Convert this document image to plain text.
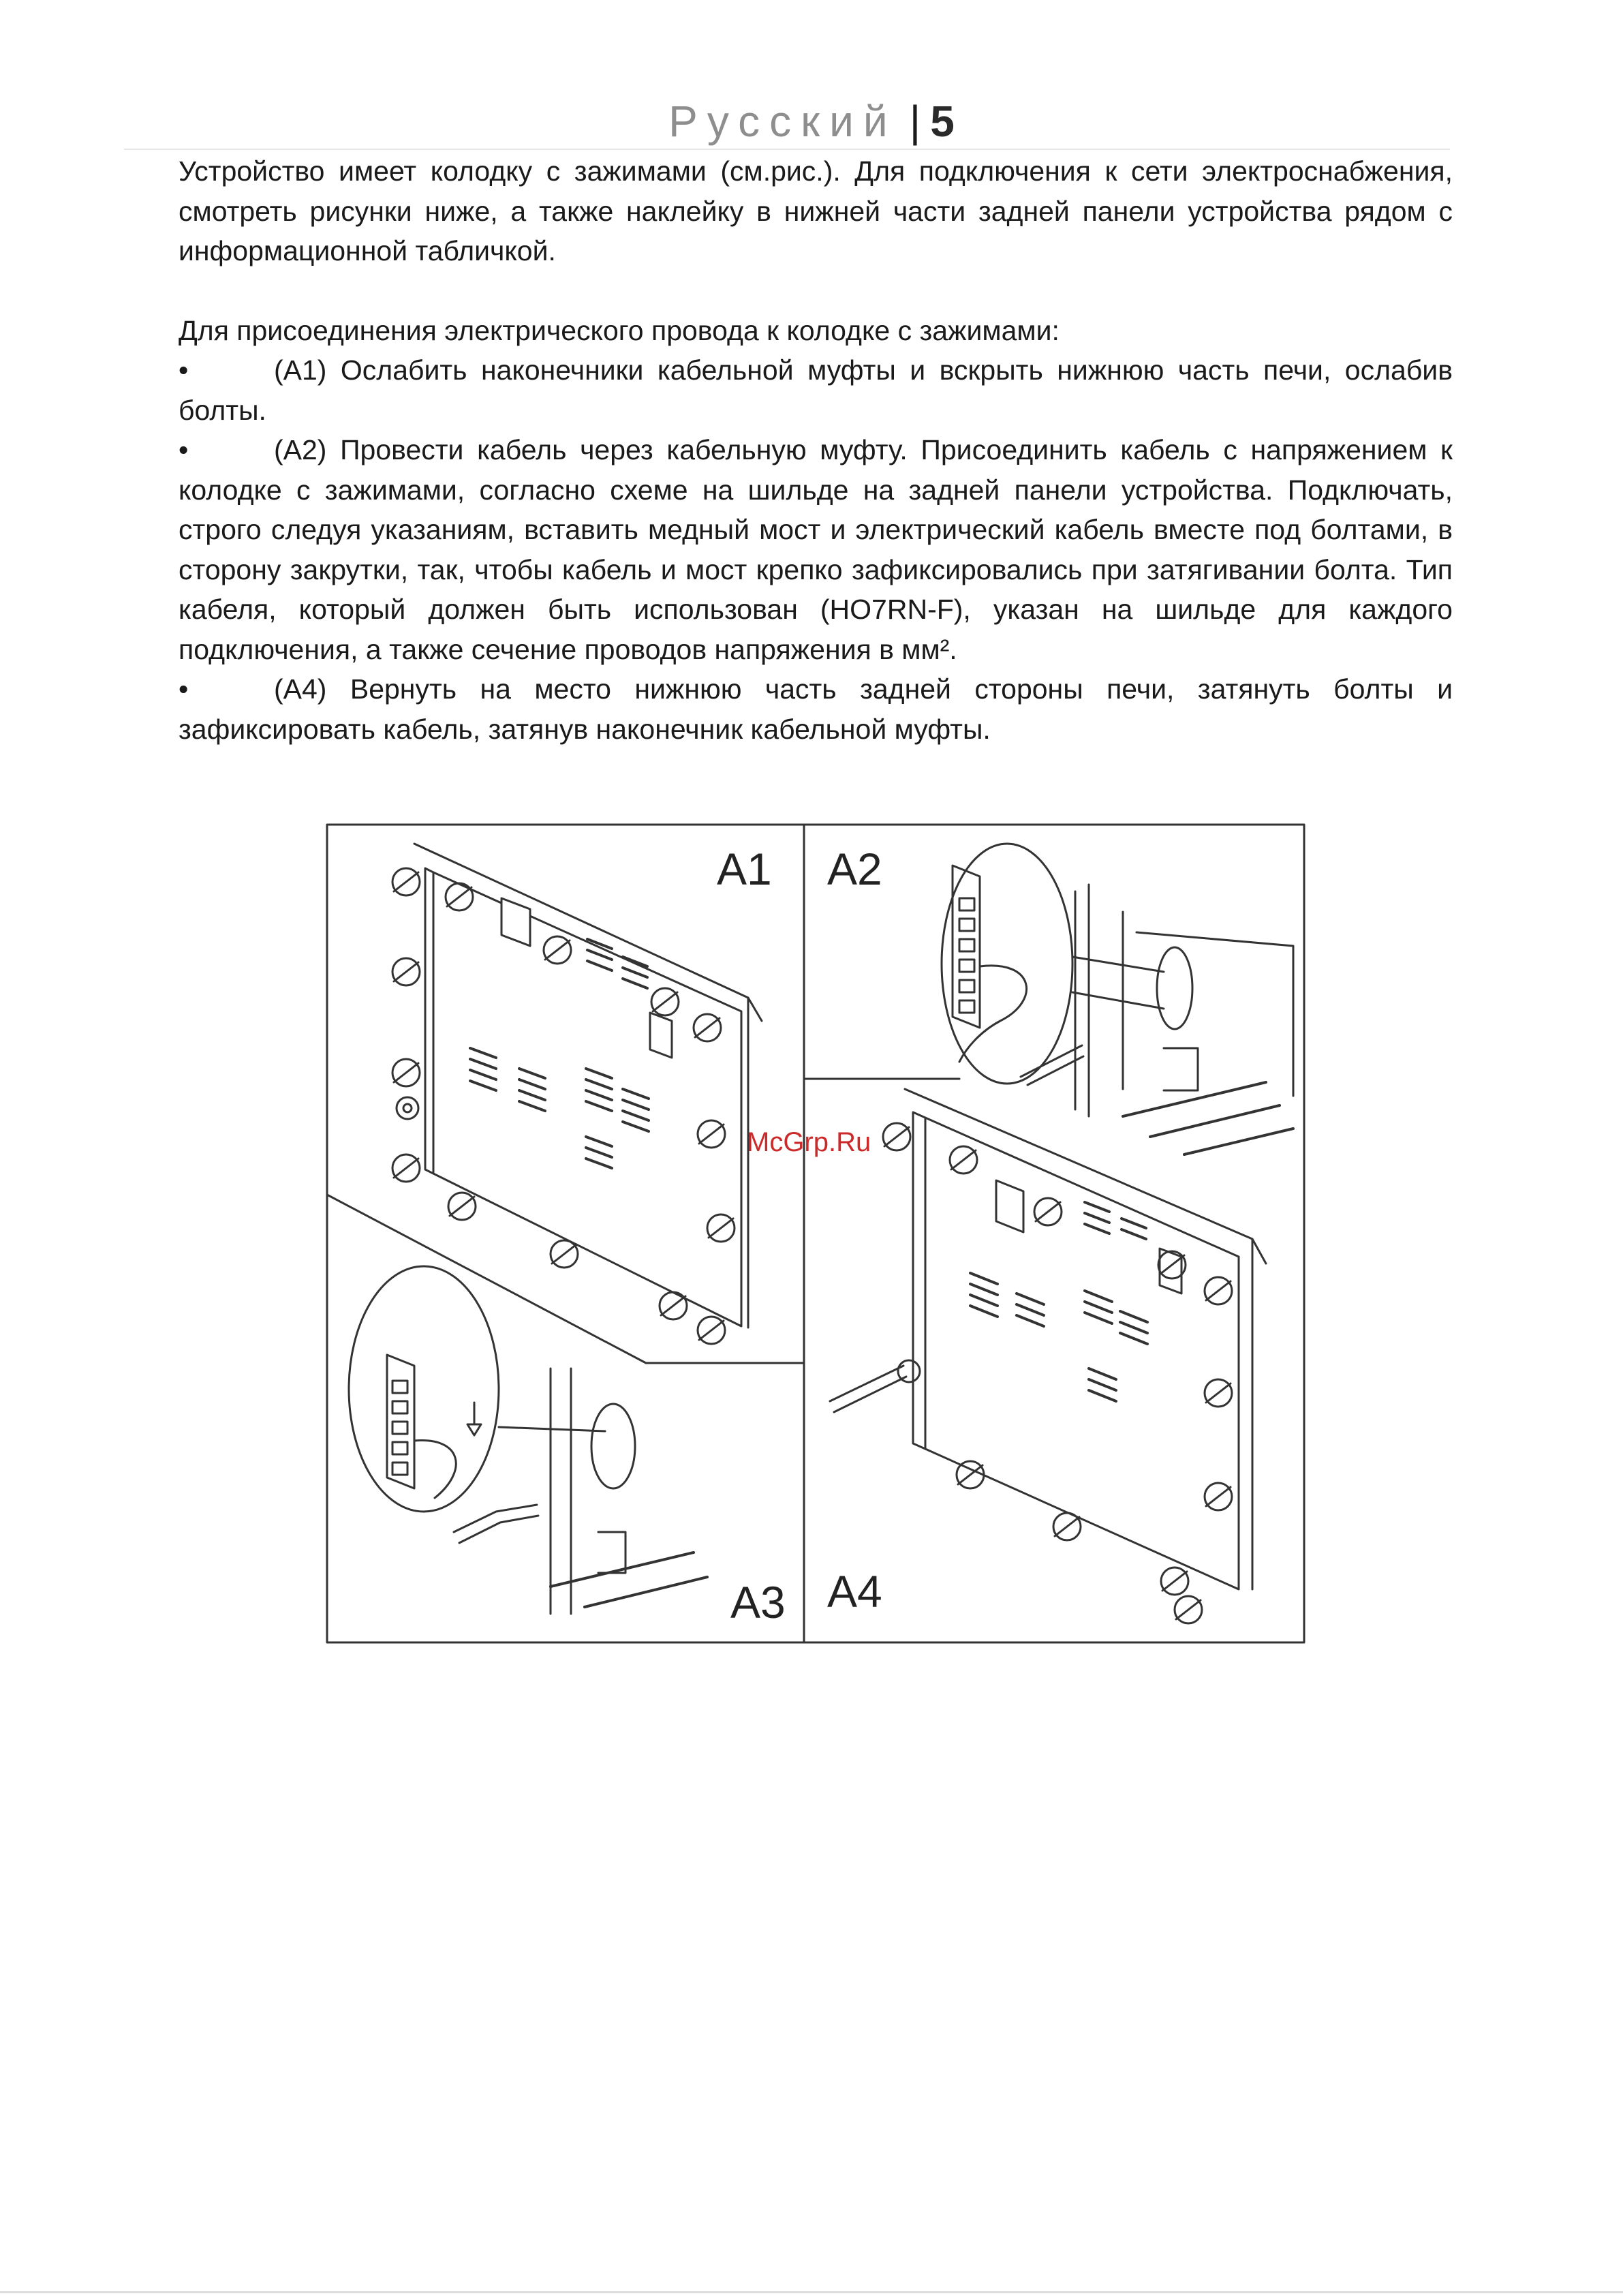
Русский | 5

Устройство имеет колодку с зажимами (см.рис.). Для подключения к сети электроснабжения, смотреть рисунки ниже, а также наклейку в нижней части задней панели устройства рядом с информационной табличкой.

Для присоединения электрического провода к колодке с зажимами:

•	(A1) Ослабить наконечники кабельной муфты и вскрыть нижнюю часть печи, ослабив болты.
•	(A2) Провести кабель через кабельную муфту. Присоединить кабель с напряжением к колодке с зажимами, согласно схеме на шильде на задней панели устройства. Подключать, строго следуя указаниям, вставить медный мост и электрический кабель вместе под болтами, в сторону закрутки, так, чтобы кабель и мост крепко зафиксировались при затягивании болта. Тип кабеля, который должен быть использован (HO7RN-F), указан на шильде для каждого подключения, а также сечение проводов напряжения в мм².
•	(A4) Вернуть на место нижнюю часть задней стороны печи, затянуть болты и зафиксировать кабель, затянув наконечник кабельной муфты.
A1 A2
A3 A4
McGrp.Ru
